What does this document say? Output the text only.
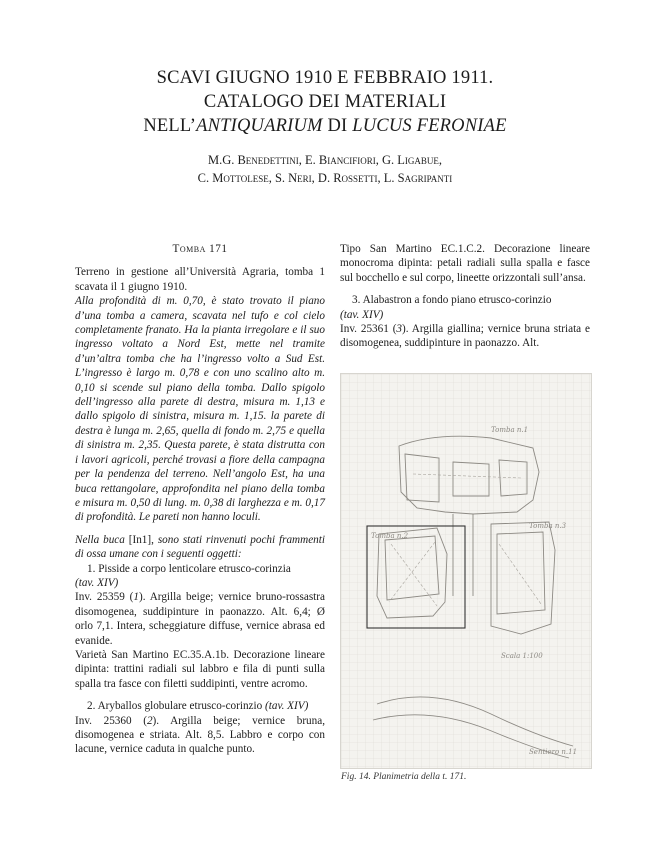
SCAVI GIUGNO 1910 E FEBBRAIO 1911.
CATALOGO DEI MATERIALI
NELL’ANTIQUARIUM DI LUCUS FERONIAE
M.G. Benedettini, E. Biancifiori, G. Ligabue,
C. Mottolese, S. Neri, D. Rossetti, L. Sagripanti
Tomba 171

Terreno in gestione all’Università Agraria, tomba 1 scavata il 1 giugno 1910.

Alla profondità di m. 0,70, è stato trovato il piano d’una tomba a camera, scavata nel tufo e col cielo completamente franato. Ha la pianta irregolare e il suo ingresso voltato a Nord Est, mette nel tramite d’un’altra tomba che ha l’ingresso volto a Sud Est. L’ingresso è largo m. 0,78 e con uno scalino alto m. 0,10 si scende sul piano della tomba. Dallo spigolo dell’ingresso alla parete di destra, misura m. 1,13 e dallo spigolo di sinistra, misura m. 1,15. la parete di destra è lunga m. 2,65, quella di fondo m. 2,75 e quella di sinistra m. 2,35. Questa parete, è stata distrutta con i lavori agricoli, perché trovasi a fiore della campagna per la pendenza del terreno. Nell’angolo Est, ha una buca rettangolare, approfondita nel piano della tomba e misura m. 0,50 di lung. m. 0,38 di larghezza e m. 0,17 di profondità. Le pareti non hanno loculi.

Nella buca [In1], sono stati rinvenuti pochi frammenti di ossa umane con i seguenti oggetti:

1. Pisside a corpo lenticolare etrusco-corinzia

(tav. XIV)

Inv. 25359 (1). Argilla beige; vernice bruno-rossastra disomogenea, suddipinture in paonazzo. Alt. 6,4; Ø orlo 7,1. Intera, scheggiature diffuse, vernice abrasa ed evanide.

Varietà San Martino EC.35.A.1b. Decorazione lineare dipinta: trattini radiali sul labbro e fila di punti sulla spalla tra fasce con filetti suddipinti, ventre acromo.

2. Aryballos globulare etrusco-corinzio (tav. XIV)

Inv. 25360 (2). Argilla beige; vernice bruna, disomogenea e striata. Alt. 8,5. Labbro e corpo con lacune, vernice caduta in qualche punto.

Tipo San Martino EC.1.C.2. Decorazione lineare monocroma dipinta: petali radiali sulla spalla e fasce sul bocchello e sul corpo, lineette orizzontali sull’ansa.

3. Alabastron a fondo piano etrusco-corinzio

(tav. XIV)

Inv. 25361 (3). Argilla giallina; vernice bruna striata e disomogenea, suddipinture in paonazzo. Alt.

Tomba n.1
Tomba n.2
Tomba n.3
Scala 1:100
Sentiero n.11
Fig. 14. Planimetria della t. 171.
